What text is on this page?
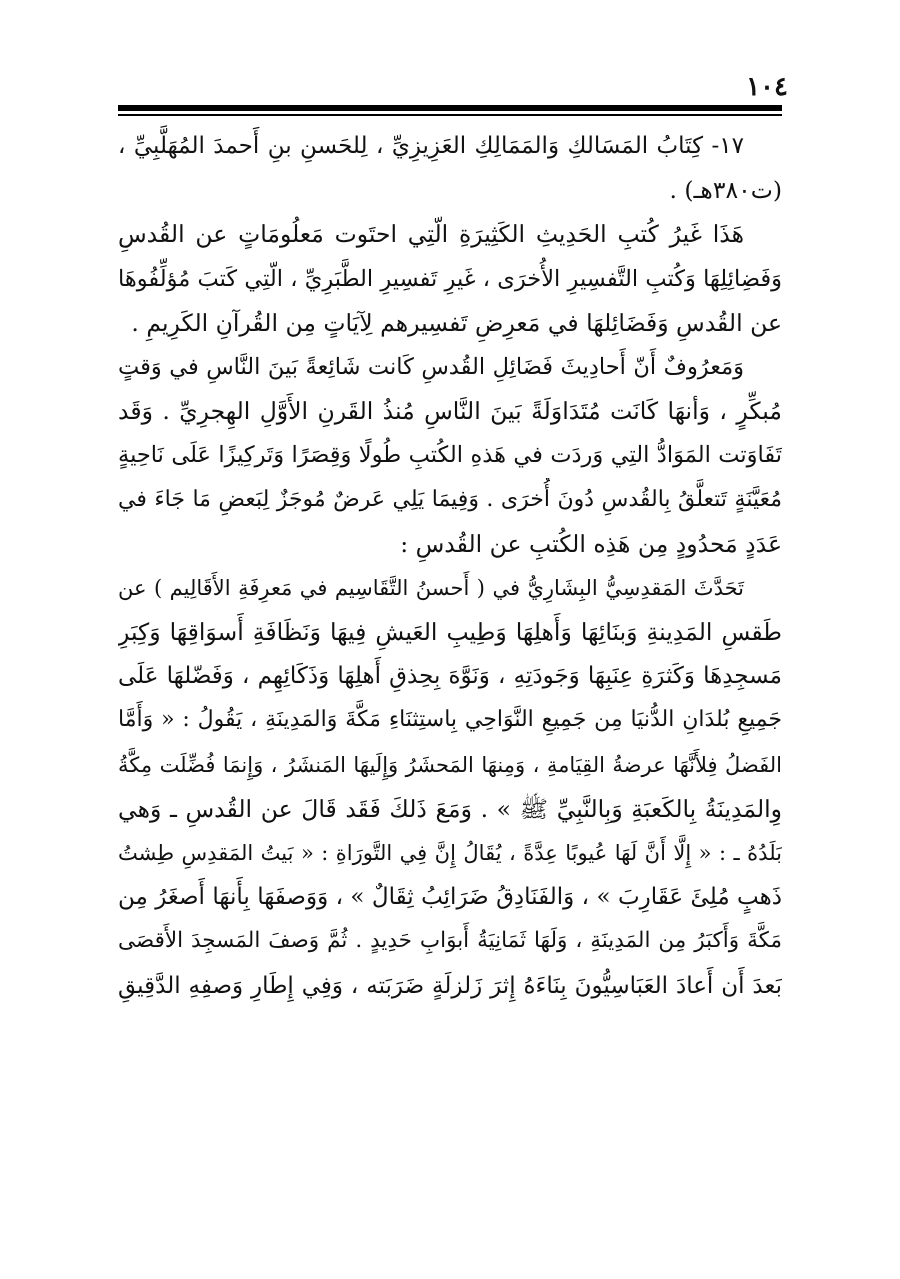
١٠٤

١٧- كِتَابُ المَسَالكِ وَالمَمَالِكِ العَزِيزِيِّ ، لِلحَسنِ بنِ أَحمدَ المُهَلَّبِيِّ ،
(ت٣٨٠هـ) .

هَذَا غَيرُ كُتبِ الحَدِيثِ الكَثِيرَةِ الّتِي احتَوت مَعلُومَاتٍ عن القُدسِ
وَفَضِائِلِهَا وَكُتبِ التَّفسِيرِ الأُخرَى ، غَيرِ تَفسِيرِ الطَّبَرِيِّ ، الّتِي كَتبَ مُؤلِّفُوهَا
عن القُدسِ وَفَضَائِلهَا في مَعرِضِ تَفسِيرهم لِآيَاتٍ مِن القُرآنِ الكَرِيمِ .

وَمَعرُوفٌ أَنّ أَحادِيثَ فَضَائِلِ القُدسِ كَانت شَائِعةً بَينَ النَّاسِ في وَقتٍ
مُبكِّرٍ ، وَأنهَا كَانَت مُتَدَاوَلَةً بَينَ النَّاسِ مُنذُ القَرنِ الأَوَّلِ الهِجرِيِّ . وَقَد
تَفَاوَتت المَوَادُّ التِي وَردَت في هَذهِ الكُتبِ طُولًا وَقِصَرًا وَتَركِيزًا عَلَى نَاحِيةٍ
مُعَيَّنَةٍ تَتعلَّقُ بِالقُدسِ دُونَ أُخرَى . وَفِيمَا يَلِي عَرضٌ مُوجَزٌ لِبَعضِ مَا جَاءَ في
عَدَدٍ مَحدُودٍ مِن هَذِه الكُتبِ عن القُدسِ :

تَحَدَّثَ المَقدِسِيُّ البِشَارِيُّ في ( أَحسنُ التَّقَاسِيم في مَعرِفَةِ الأَقَالِيم ) عن
طَقسِ المَدِينةِ وَبنَائِهَا وَأَهلِهَا وَطِيبِ العَيشِ فِيهَا وَنَظَافَةِ أَسوَاقِهَا وَكِبَرِ
مَسجِدِهَا وَكَثرَةِ عِنَبِهَا وَجَودَتِهِ ، وَنَوَّهَ بِحِذقِ أَهلِهَا وَذَكَائِهِم ، وَفَضّلهَا عَلَى
جَمِيعِ بُلدَانِ الدُّنيَا مِن جَمِيعِ النَّوَاحِي بِاستِثنَاءِ مَكَّةَ وَالمَدِينَةِ ، يَقُولُ : « وَأَمَّا
الفَضلُ فِلأَنَّهَا عرضةُ القِيَامةِ ، وَمِنهَا المَحشَرُ وَإِلَيهَا المَنشَرُ ، وَإِنمَا فُضِّلَت مِكَّةُ
وِالمَدِينَةُ بِالكَعبَةِ وَبِالنَّبِيِّ ﷺ » . وَمَعَ ذَلكَ فَقَد قَالَ عن القُدسِ ـ وَهي
بَلَدُهُ ـ : « إِلَّا أَنَّ لَهَا عُيوبًا عِدَّةً ، يُقَالُ إِنَّ فِي التَّورَاةِ : « بَيتُ المَقدِسِ طِشتُ
ذَهبٍ مُلِئَ عَقَارِبَ » ، وَالفَنَادِقُ ضَرَائِبُ ثِقَالٌ » ، وَوَصفَهَا بِأَنهَا أَصغَرُ مِن
مَكَّةَ وَأَكبَرُ مِن المَدِينَةِ ، وَلَهَا ثَمَانِيَةُ أَبوَابِ حَدِيدٍ . ثُمَّ وَصفَ المَسجِدَ الأَقصَى
بَعدَ أَن أَعادَ العَبَاسِيُّونَ بِنَاءَهُ إِثرَ زَلزلَةٍ ضَرَبَته ، وَفِي إِطَارِ وَصفِهِ الدَّقِيقِ
